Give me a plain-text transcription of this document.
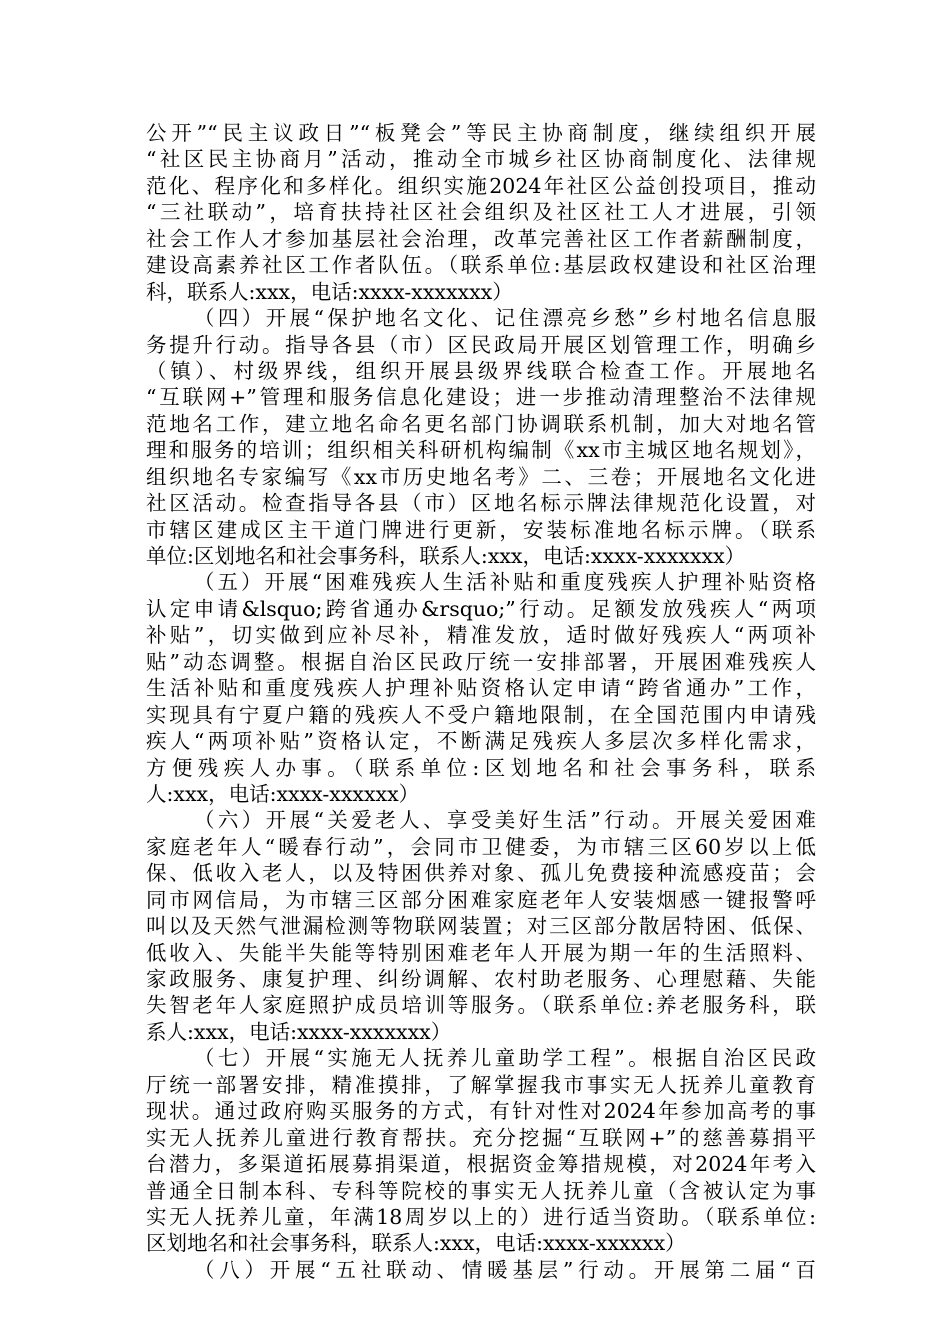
公开”“民主议政日”“板凳会”等民主协商制度，继续组织开展
“社区民主协商月”活动，推动全市城乡社区协商制度化、法律规
范化、程序化和多样化。组织实施2024年社区公益创投项目，推动
“三社联动”，培育扶持社区社会组织及社区社工人才进展，引领
社会工作人才参加基层社会治理，改革完善社区工作者薪酬制度，
建设高素养社区工作者队伍。（联系单位:基层政权建设和社区治理
科，联系人:xxx，电话:xxxx-xxxxxxx）
（四）开展“保护地名文化、记住漂亮乡愁”乡村地名信息服
务提升行动。指导各县（市）区民政局开展区划管理工作，明确乡
（镇）、村级界线，组织开展县级界线联合检查工作。开展地名
“互联网+”管理和服务信息化建设；进一步推动清理整治不法律规
范地名工作，建立地名命名更名部门协调联系机制，加大对地名管
理和服务的培训；组织相关科研机构编制《xx市主城区地名规划》，
组织地名专家编写《xx市历史地名考》二、三卷；开展地名文化进
社区活动。检查指导各县（市）区地名标示牌法律规范化设置，对
市辖区建成区主干道门牌进行更新，安装标准地名标示牌。（联系
单位:区划地名和社会事务科，联系人:xxx，电话:xxxx-xxxxxxx）
（五）开展“困难残疾人生活补贴和重度残疾人护理补贴资格
认定申请&lsquo;跨省通办&rsquo;”行动。足额发放残疾人“两项
补贴”，切实做到应补尽补，精准发放，适时做好残疾人“两项补
贴”动态调整。根据自治区民政厅统一安排部署，开展困难残疾人
生活补贴和重度残疾人护理补贴资格认定申请“跨省通办”工作，
实现具有宁夏户籍的残疾人不受户籍地限制，在全国范围内申请残
疾人“两项补贴”资格认定，不断满足残疾人多层次多样化需求，
方便残疾人办事。（联系单位:区划地名和社会事务科，联系
人:xxx，电话:xxxx-xxxxxx）
（六）开展“关爱老人、享受美好生活”行动。开展关爱困难
家庭老年人“暖春行动”，会同市卫健委，为市辖三区60岁以上低
保、低收入老人，以及特困供养对象、孤儿免费接种流感疫苗；会
同市网信局，为市辖三区部分困难家庭老年人安装烟感一键报警呼
叫以及天然气泄漏检测等物联网装置；对三区部分散居特困、低保、
低收入、失能半失能等特别困难老年人开展为期一年的生活照料、
家政服务、康复护理、纠纷调解、农村助老服务、心理慰藉、失能
失智老年人家庭照护成员培训等服务。（联系单位:养老服务科，联
系人:xxx，电话:xxxx-xxxxxxx）
（七）开展“实施无人抚养儿童助学工程”。根据自治区民政
厅统一部署安排，精准摸排，了解掌握我市事实无人抚养儿童教育
现状。通过政府购买服务的方式，有针对性对2024年参加高考的事
实无人抚养儿童进行教育帮扶。充分挖掘“互联网+”的慈善募捐平
台潜力，多渠道拓展募捐渠道，根据资金筹措规模，对2024年考入
普通全日制本科、专科等院校的事实无人抚养儿童（含被认定为事
实无人抚养儿童，年满18周岁以上的）进行适当资助。（联系单位:
区划地名和社会事务科，联系人:xxx，电话:xxxx-xxxxxx）
（八）开展“五社联动、情暖基层”行动。开展第二届“百
